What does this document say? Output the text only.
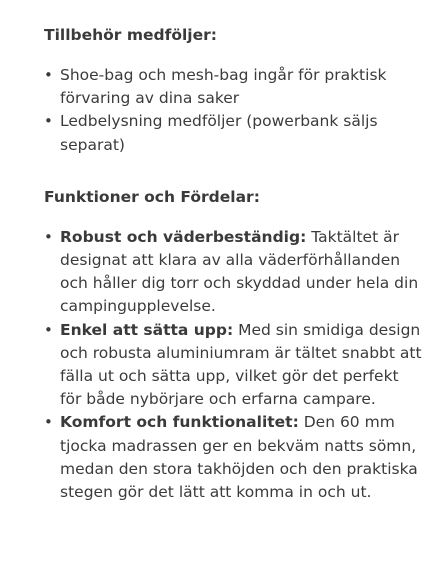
Tillbehör medföljer:
• Shoe-bag och mesh-bag ingår för praktisk förvaring av dina saker
• Ledbelysning medföljer (powerbank säljs separat)
Funktioner och Fördelar:
• Robust och väderbeständig: Taktältet är designat att klara av alla väderförhållanden och håller dig torr och skyddad under hela din campingupplevelse.
• Enkel att sätta upp: Med sin smidiga design och robusta aluminiumram är tältet snabbt att fälla ut och sätta upp, vilket gör det perfekt för både nybörjare och erfarna campare.
• Komfort och funktionalitet: Den 60 mm tjocka madrassen ger en bekväm natts sömn, medan den stora takhöjden och den praktiska stegen gör det lätt att komma in och ut.
